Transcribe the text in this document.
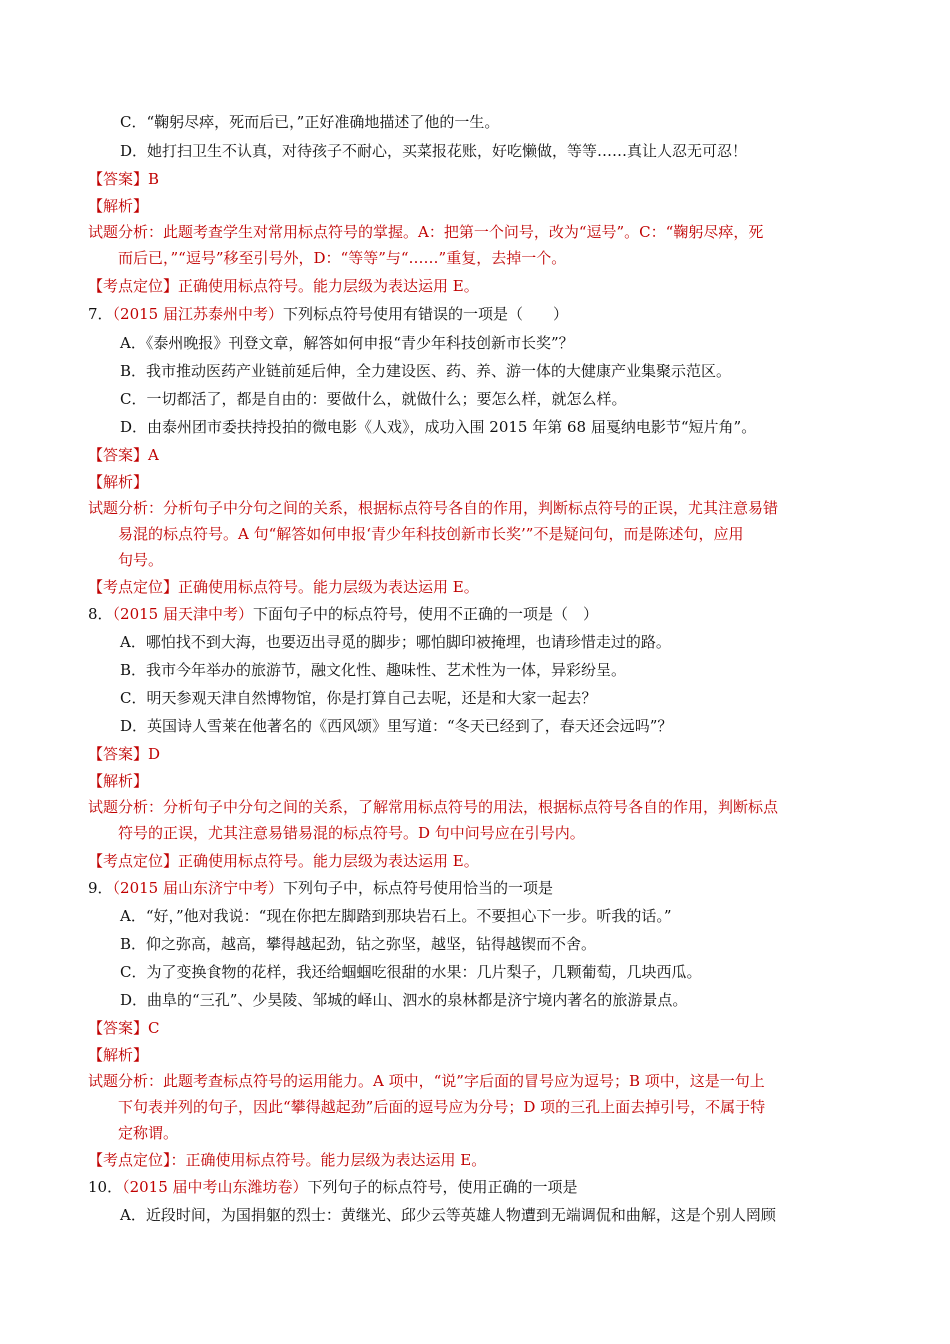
C．“鞠躬尽瘁，死而后已，”正好准确地描述了他的一生。
D．她打扫卫生不认真，对待孩子不耐心，买菜报花账，好吃懒做，等等……真让人忍无可忍！
【答案】B
【解析】
试题分析：此题考查学生对常用标点符号的掌握。A：把第一个问号，改为“逗号”。C：“鞠躬尽瘁，死
而后已，”“逗号”移至引号外，D：“等等”与“……”重复，去掉一个。
【考点定位】正确使用标点符号。能力层级为表达运用 E。
7．（2015 届江苏泰州中考）下列标点符号使用有错误的一项是（　　）
A．《泰州晚报》刊登文章，解答如何申报“青少年科技创新市长奖”？
B．我市推动医药产业链前延后伸，全力建设医、药、养、游一体的大健康产业集聚示范区。
C．一切都活了，都是自由的：要做什么，就做什么；要怎么样，就怎么样。
D．由泰州团市委扶持投拍的微电影《人戏》，成功入围 2015 年第 68 届戛纳电影节“短片角”。
【答案】A
【解析】
试题分析：分析句子中分句之间的关系，根据标点符号各自的作用，判断标点符号的正误，尤其注意易错
易混的标点符号。A 句“解答如何申报‘青少年科技创新市长奖’”不是疑问句，而是陈述句，应用
句号。
【考点定位】正确使用标点符号。能力层级为表达运用 E。
8．（2015 届天津中考）下面句子中的标点符号，使用不正确的一项是（　）
A．哪怕找不到大海，也要迈出寻觅的脚步；哪怕脚印被掩埋，也请珍惜走过的路。
B．我市今年举办的旅游节，融文化性、趣味性、艺术性为一体，异彩纷呈。
C．明天参观天津自然博物馆，你是打算自己去呢，还是和大家一起去？
D．英国诗人雪莱在他著名的《西风颂》里写道：“冬天已经到了，春天还会远吗”？
【答案】D
【解析】
试题分析：分析句子中分句之间的关系，了解常用标点符号的用法，根据标点符号各自的作用，判断标点
符号的正误，尤其注意易错易混的标点符号。D 句中问号应在引号内。
【考点定位】正确使用标点符号。能力层级为表达运用 E。
9．（2015 届山东济宁中考）下列句子中，标点符号使用恰当的一项是
A．“好，”他对我说：“现在你把左脚踏到那块岩石上。不要担心下一步。听我的话。”
B．仰之弥高，越高，攀得越起劲，钻之弥坚，越坚，钻得越锲而不舍。
C．为了变换食物的花样，我还给蝈蝈吃很甜的水果：几片梨子，几颗葡萄，几块西瓜。
D．曲阜的“三孔”、少昊陵、邹城的峄山、泗水的泉林都是济宁境内著名的旅游景点。
【答案】C
【解析】
试题分析：此题考查标点符号的运用能力。A 项中，“说”字后面的冒号应为逗号；B 项中，这是一句上
下句表并列的句子，因此“攀得越起劲”后面的逗号应为分号；D 项的三孔上面去掉引号，不属于特
定称谓。
【考点定位】：正确使用标点符号。能力层级为表达运用 E。
10．（2015 届中考山东潍坊卷）下列句子的标点符号，使用正确的一项是
A．近段时间，为国捐躯的烈士：黄继光、邱少云等英雄人物遭到无端调侃和曲解，这是个别人罔顾
